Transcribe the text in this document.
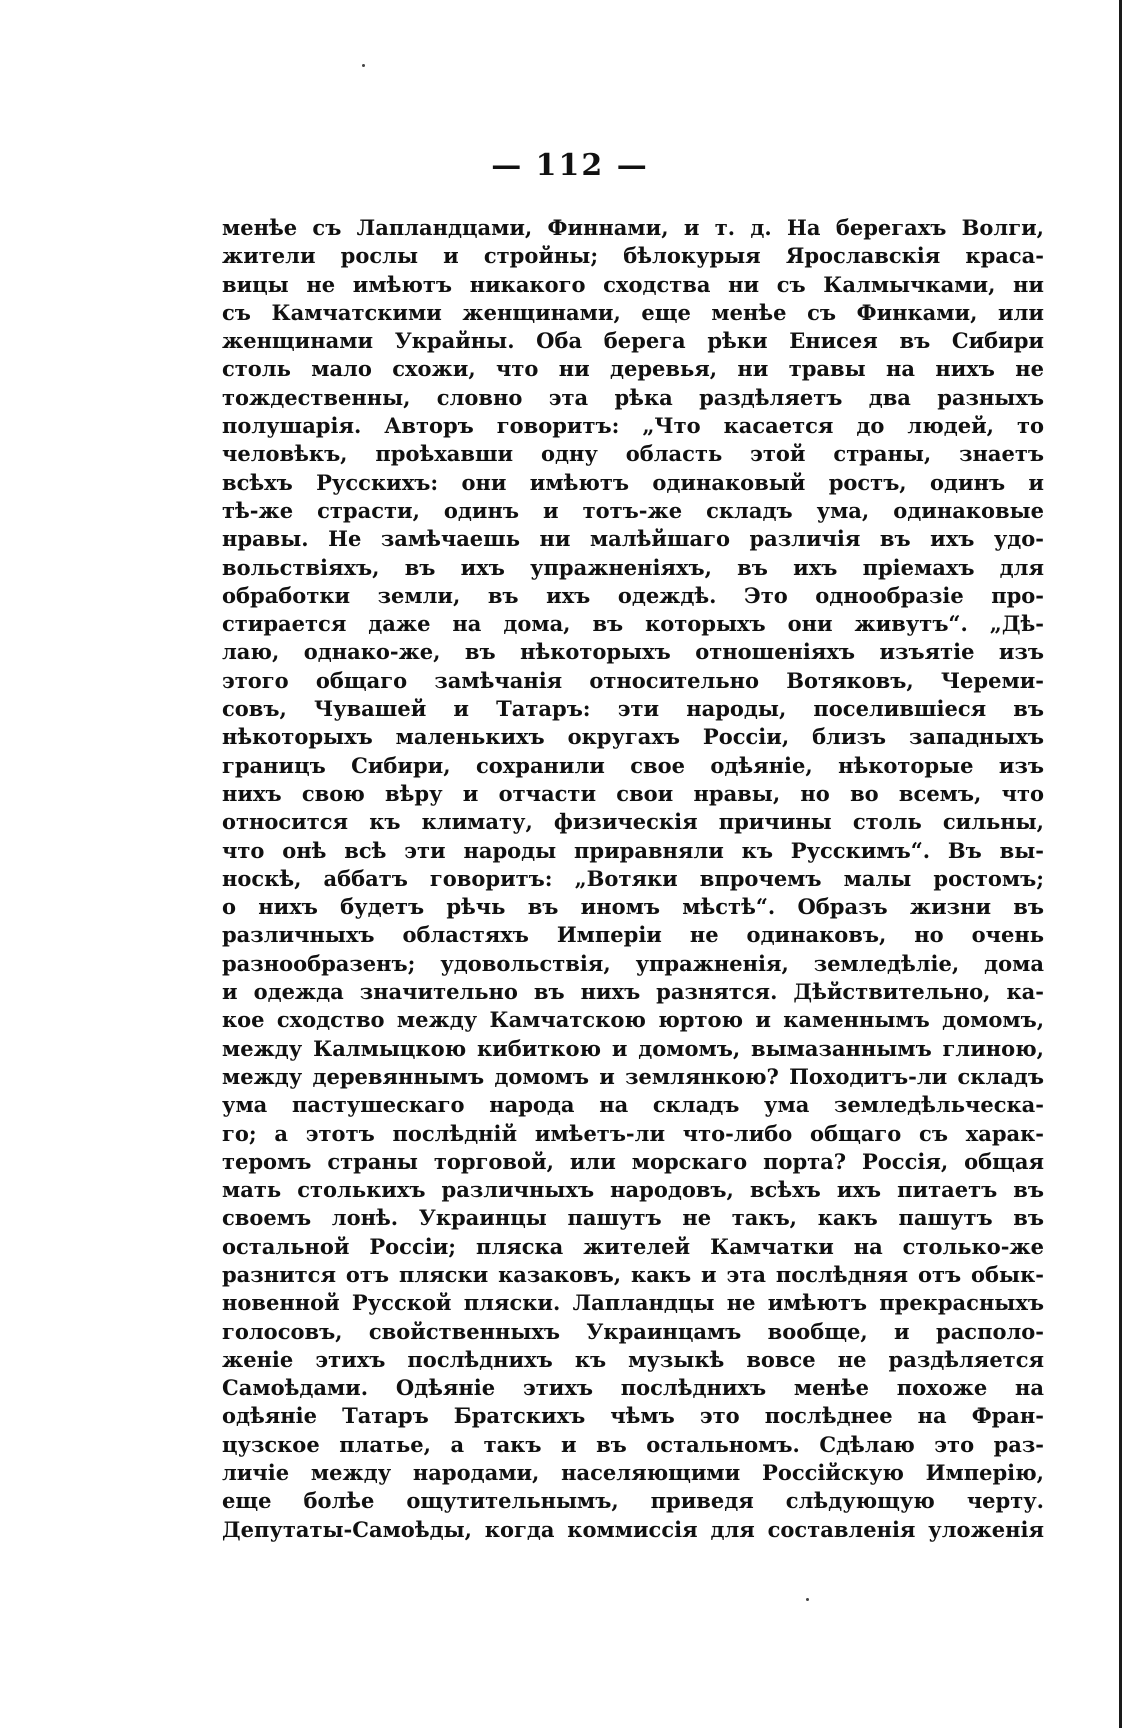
— 112 —
менѣе съ Лапландцами, Финнами, и т. д. На берегахъ Волги,
жители рослы и стройны; бѣлокурыя Ярославскія краса-
вицы не имѣютъ никакого сходства ни съ Калмычками, ни
съ Камчатскими женщинами, еще менѣе съ Финками, или
женщинами Украйны. Оба берега рѣки Енисея въ Сибири
столь мало схожи, что ни деревья, ни травы на нихъ не
тождественны, словно эта рѣка раздѣляетъ два разныхъ
полушарія. Авторъ говоритъ: „Что касается до людей, то
человѣкъ, проѣхавши одну область этой страны, знаетъ
всѣхъ Русскихъ: они имѣютъ одинаковый ростъ, одинъ и
тѣ-же страсти, одинъ и тотъ-же складъ ума, одинаковые
нравы. Не замѣчаешь ни малѣйшаго различія въ ихъ удо-
вольствіяхъ, въ ихъ упражненіяхъ, въ ихъ пріемахъ для
обработки земли, въ ихъ одеждѣ. Это однообразіе про-
стирается даже на дома, въ которыхъ они живутъ“. „Дѣ-
лаю, однако-же, въ нѣкоторыхъ отношеніяхъ изъятіе изъ
этого общаго замѣчанія относительно Вотяковъ, Череми-
совъ, Чувашей и Татаръ: эти народы, поселившіеся въ
нѣкоторыхъ маленькихъ округахъ Россіи, близъ западныхъ
границъ Сибири, сохранили свое одѣяніе, нѣкоторые изъ
нихъ свою вѣру и отчасти свои нравы, но во всемъ, что
относится къ климату, физическія причины столь сильны,
что онѣ всѣ эти народы приравняли къ Русскимъ“. Въ вы-
носкѣ, аббатъ говоритъ: „Вотяки впрочемъ малы ростомъ;
о нихъ будетъ рѣчь въ иномъ мѣстѣ“. Образъ жизни въ
различныхъ областяхъ Имперіи не одинаковъ, но очень
разнообразенъ; удовольствія, упражненія, земледѣліе, дома
и одежда значительно въ нихъ разнятся. Дѣйствительно, ка-
кое сходство между Камчатскою юртою и каменнымъ домомъ,
между Калмыцкою кибиткою и домомъ, вымазаннымъ глиною,
между деревяннымъ домомъ и землянкою? Походитъ-ли складъ
ума пастушескаго народа на складъ ума земледѣльческа-
го; а этотъ послѣдній имѣетъ-ли что-либо общаго съ харак-
теромъ страны торговой, или морскаго порта? Россія, общая
мать столькихъ различныхъ народовъ, всѣхъ ихъ питаетъ въ
своемъ лонѣ. Украинцы пашутъ не такъ, какъ пашутъ въ
остальной Россіи; пляска жителей Камчатки на столько-же
разнится отъ пляски казаковъ, какъ и эта послѣдняя отъ обык-
новенной Русской пляски. Лапландцы не имѣютъ прекрасныхъ
голосовъ, свойственныхъ Украинцамъ вообще, и располо-
женіе этихъ послѣднихъ къ музыкѣ вовсе не раздѣляется
Самоѣдами. Одѣяніе этихъ послѣднихъ менѣе похоже на
одѣяніе Татаръ Братскихъ чѣмъ это послѣднее на Фран-
цузское платье, а такъ и въ остальномъ. Сдѣлаю это раз-
личіе между народами, населяющими Россійскую Имперію,
еще болѣе ощутительнымъ, приведя слѣдующую черту.
Депутаты-Самоѣды, когда коммиссія для составленія уложенія
